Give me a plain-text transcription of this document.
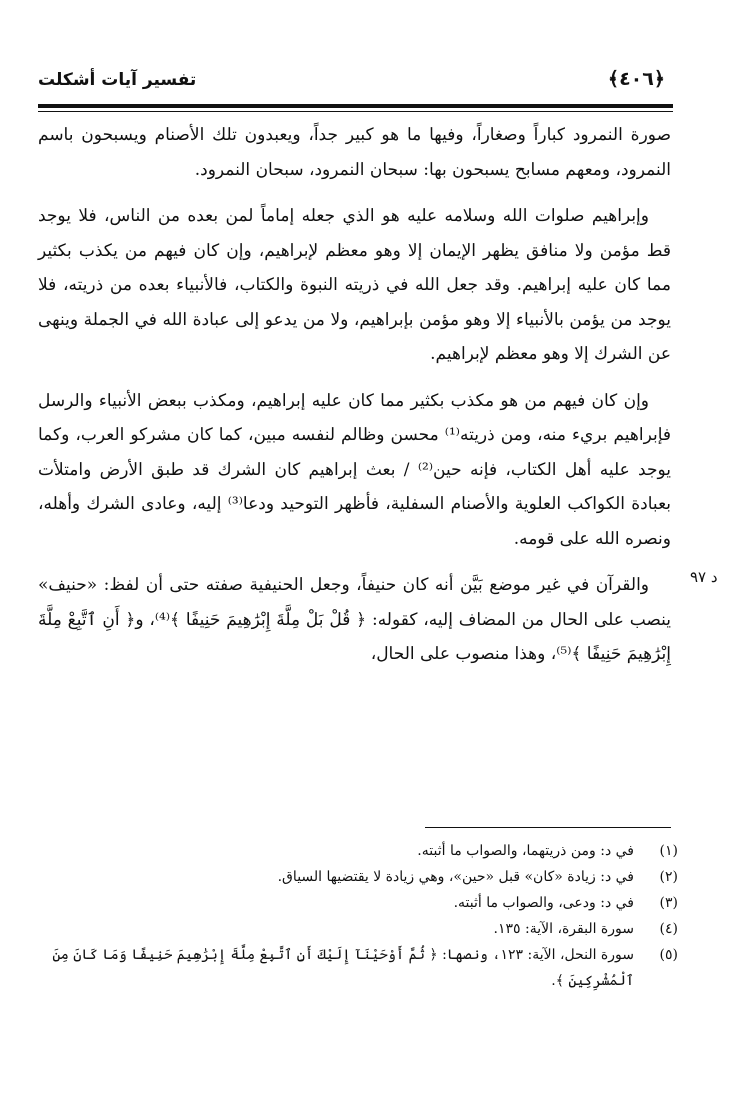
تفسير آيات أشكلت	﴿٤٠٦﴾

صورة النمرود كباراً وصغاراً، وفيها ما هو كبير جداً، ويعبدون تلك الأصنام ويسبحون باسم النمرود، ومعهم مسابح يسبحون بها: سبحان النمرود، سبحان النمرود.

وإبراهيم صلوات الله وسلامه عليه هو الذي جعله إماماً لمن بعده من الناس، فلا يوجد قط مؤمن ولا منافق يظهر الإيمان إلا وهو معظم لإبراهيم، وإن كان فيهم من يكذب بكثير مما كان عليه إبراهيم. وقد جعل الله في ذريته النبوة والكتاب، فالأنبياء بعده من ذريته، فلا يوجد من يؤمن بالأنبياء إلا وهو مؤمن بإبراهيم، ولا من يدعو إلى عبادة الله في الجملة وينهى عن الشرك إلا وهو معظم لإبراهيم.

وإن كان فيهم من هو مكذب بكثير مما كان عليه إبراهيم، ومكذب ببعض الأنبياء والرسل فإبراهيم بريء منه، ومن ذريته⁽¹⁾ محسن وظالم لنفسه مبين، كما كان مشركو العرب، وكما يوجد عليه أهل الكتاب، فإنه حين⁽²⁾ / بعث إبراهيم كان الشرك قد طبق الأرض وامتلأت بعبادة الكواكب العلوية والأصنام السفلية، فأظهر التوحيد ودعا⁽³⁾ إليه، وعادى الشرك وأهله، ونصره الله على قومه.

والقرآن في غير موضع بَيَّن أنه كان حنيفاً، وجعل الحنيفية صفته حتى أن لفظ: «حنيف» ينصب على الحال من المضاف إليه، كقوله: ﴿ قُلْ بَلْ مِلَّةَ إِبْرَٰهِيمَ حَنِيفًا ﴾⁽⁴⁾، و﴿ أَنِ ٱتَّبِعْ مِلَّةَ إِبْرَٰهِيمَ حَنِيفًا ﴾⁽⁵⁾، وهذا منصوب على الحال،

د ٩٧
(١)
في د: ومن ذريتهما، والصواب ما أثبته.
(٢)
في د: زيادة «كان» قبل «حين»، وهي زيادة لا يقتضيها السياق.
(٣)
في د: ودعى، والصواب ما أثبته.
(٤)
سورة البقرة، الآية: ١٣٥.
(٥)
سورة النحل، الآية: ١٢٣، ونصها: ﴿ ثُمَّ أَوْحَيْنَآ إِلَيْكَ أَنِ ٱتَّبِعْ مِلَّةَ إِبْرَٰهِيمَ حَنِيفًا وَمَا كَانَ مِنَ ٱلْمُشْرِكِينَ ﴾.
